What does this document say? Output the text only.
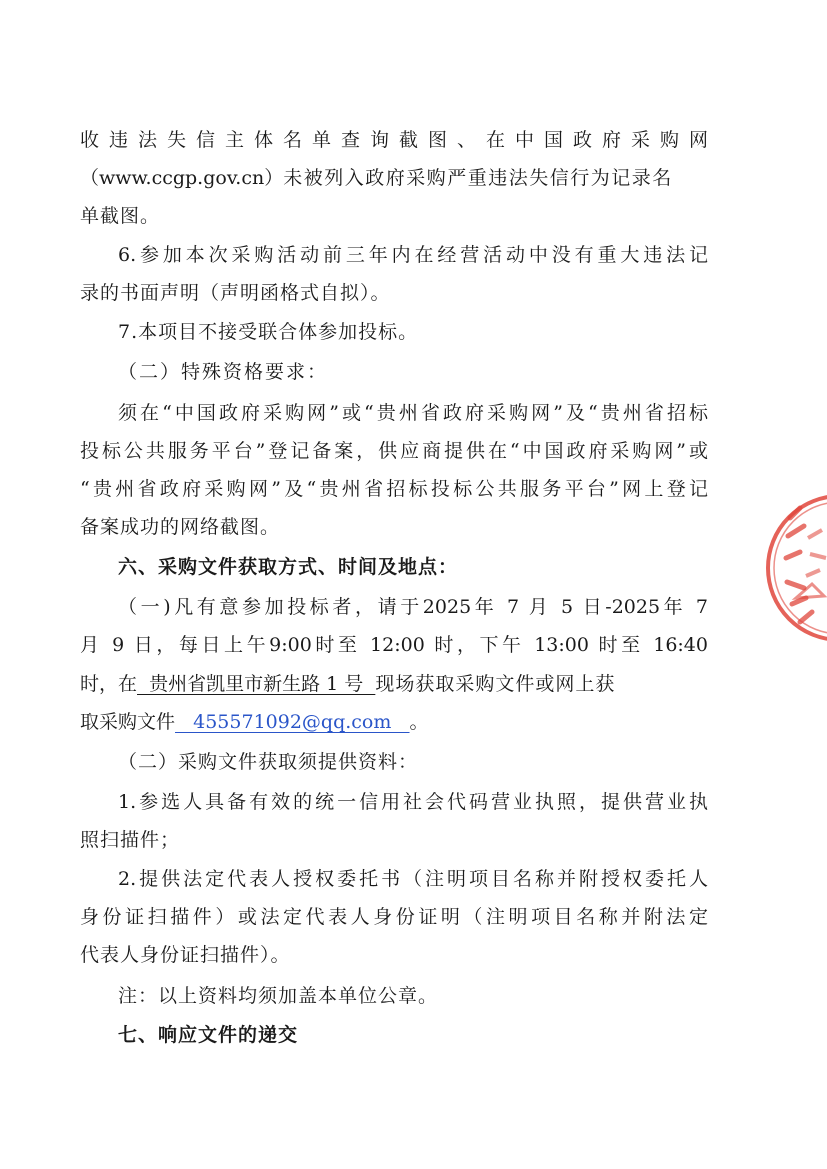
收违法失信主体名单查询截图、在中国政府采购网
（www.ccgp.gov.cn）未被列入政府采购严重违法失信行为记录名
单截图。
6.参加本次采购活动前三年内在经营活动中没有重大违法记
录的书面声明（声明函格式自拟）。
7.本项目不接受联合体参加投标。
（二）特殊资格要求：
须在“中国政府采购网”或“贵州省政府采购网”及“贵州省招标
投标公共服务平台”登记备案，供应商提供在“中国政府采购网”或
“贵州省政府采购网”及“贵州省招标投标公共服务平台”网上登记
备案成功的网络截图。
六、采购文件获取方式、时间及地点：
（一)凡有意参加投标者，请于2025年 7 月 5 日-2025年 7
月 9 日，每日上午9:00时至 12:00 时，下午 13:00 时至 16:40
时，在  贵州省凯里市新生路 1 号  现场获取采购文件或网上获
取采购文件   455571092@qq.com   。
（二）采购文件获取须提供资料：
1.参选人具备有效的统一信用社会代码营业执照，提供营业执
照扫描件；
2.提供法定代表人授权委托书（注明项目名称并附授权委托人
身份证扫描件）或法定代表人身份证明（注明项目名称并附法定
代表人身份证扫描件）。
注：以上资料均须加盖本单位公章。
七、响应文件的递交
